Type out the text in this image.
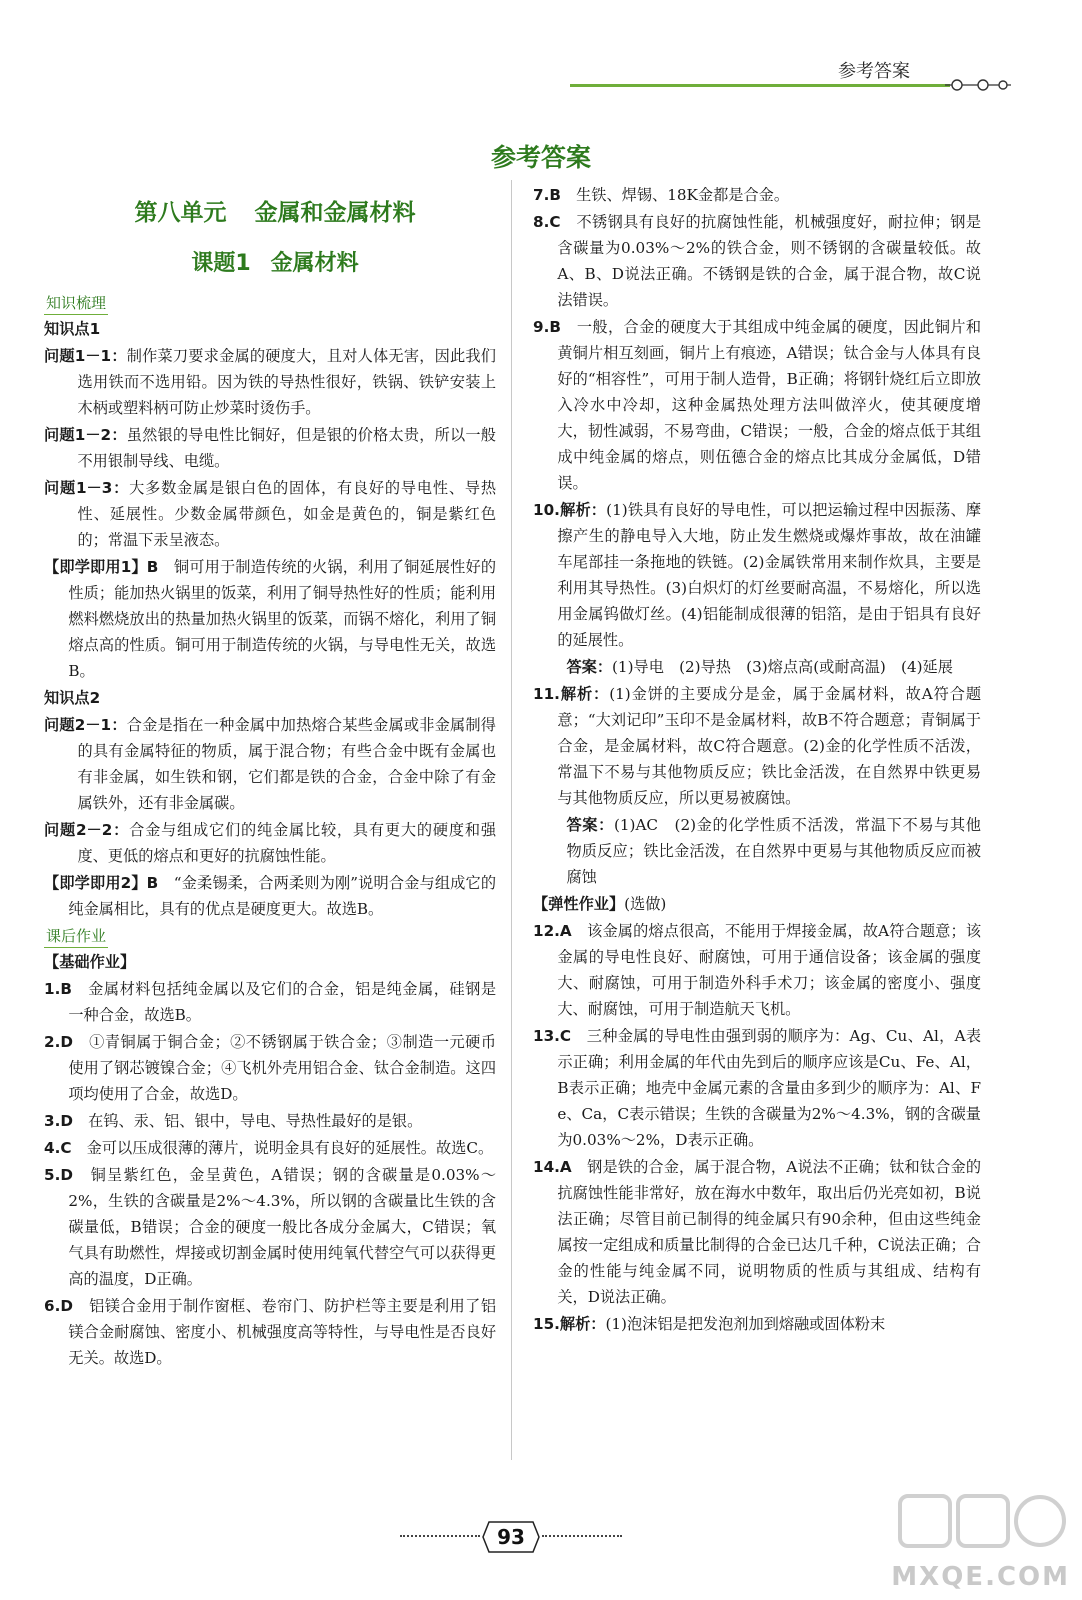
参考答案
参考答案
第八单元 金属和金属材料
课题1 金属材料
知识梳理
知识点1
问题1－1：制作菜刀要求金属的硬度大，且对人体无害，因此我们选用铁而不选用铅。因为铁的导热性很好，铁锅、铁铲安装上木柄或塑料柄可防止炒菜时烫伤手。
问题1－2：虽然银的导电性比铜好，但是银的价格太贵，所以一般不用银制导线、电缆。
问题1－3：大多数金属是银白色的固体，有良好的导电性、导热性、延展性。少数金属带颜色，如金是黄色的，铜是紫红色的；常温下汞呈液态。
【即学即用1】B　 铜可用于制造传统的火锅，利用了铜延展性好的性质；能加热火锅里的饭菜，利用了铜导热性好的性质；能利用燃料燃烧放出的热量加热火锅里的饭菜，而锅不熔化，利用了铜熔点高的性质。铜可用于制造传统的火锅，与导电性无关，故选B。
知识点2
问题2－1：合金是指在一种金属中加热熔合某些金属或非金属制得的具有金属特征的物质，属于混合物；有些合金中既有金属也有非金属，如生铁和钢，它们都是铁的合金，合金中除了有金属铁外，还有非金属碳。
问题2－2：合金与组成它们的纯金属比较，具有更大的硬度和强度、更低的熔点和更好的抗腐蚀性能。
【即学即用2】B　 “金柔锡柔，合两柔则为刚”说明合金与组成它的纯金属相比，具有的优点是硬度更大。故选B。
课后作业
【基础作业】
1.B　 金属材料包括纯金属以及它们的合金，铝是纯金属，硅钢是一种合金，故选B。
2.D　 ①青铜属于铜合金；②不锈钢属于铁合金；③制造一元硬币使用了钢芯镀镍合金；④飞机外壳用铝合金、钛合金制造。这四项均使用了合金，故选D。
3.D　 在钨、汞、铝、银中，导电、导热性最好的是银。
4.C　 金可以压成很薄的薄片，说明金具有良好的延展性。故选C。
5.D　 铜呈紫红色，金呈黄色，A错误；钢的含碳量是0.03%～2%，生铁的含碳量是2%～4.3%，所以钢的含碳量比生铁的含碳量低，B错误；合金的硬度一般比各成分金属大，C错误；氧气具有助燃性，焊接或切割金属时使用纯氧代替空气可以获得更高的温度，D正确。
6.D　 铝镁合金用于制作窗框、卷帘门、防护栏等主要是利用了铝镁合金耐腐蚀、密度小、机械强度高等特性，与导电性是否良好无关。故选D。
7.B　 生铁、焊锡、18K金都是合金。
8.C　 不锈钢具有良好的抗腐蚀性能，机械强度好，耐拉伸；钢是含碳量为0.03%～2%的铁合金，则不锈钢的含碳量较低。故A、B、D说法正确。不锈钢是铁的合金，属于混合物，故C说法错误。
9.B　 一般，合金的硬度大于其组成中纯金属的硬度，因此铜片和黄铜片相互刻画，铜片上有痕迹，A错误；钛合金与人体具有良好的“相容性”，可用于制人造骨，B正确；将钢针烧红后立即放入冷水中冷却，这种金属热处理方法叫做淬火，使其硬度增大，韧性减弱，不易弯曲，C错误；一般，合金的熔点低于其组成中纯金属的熔点，则伍德合金的熔点比其成分金属低，D错误。
10.解析：(1)铁具有良好的导电性，可以把运输过程中因振荡、摩擦产生的静电导入大地，防止发生燃烧或爆炸事故，故在油罐车尾部挂一条拖地的铁链。(2)金属铁常用来制作炊具，主要是利用其导热性。(3)白炽灯的灯丝要耐高温，不易熔化，所以选用金属钨做灯丝。(4)铝能制成很薄的铝箔，是由于铝具有良好的延展性。
答案：(1)导电　(2)导热　(3)熔点高(或耐高温)　(4)延展
11.解析：(1)金饼的主要成分是金，属于金属材料，故A符合题意；“大刘记印”玉印不是金属材料，故B不符合题意；青铜属于合金，是金属材料，故C符合题意。(2)金的化学性质不活泼，常温下不易与其他物质反应；铁比金活泼，在自然界中铁更易与其他物质反应，所以更易被腐蚀。
答案：(1)AC　(2)金的化学性质不活泼，常温下不易与其他物质反应；铁比金活泼，在自然界中更易与其他物质反应而被腐蚀
【弹性作业】(选做)
12.A　 该金属的熔点很高，不能用于焊接金属，故A符合题意；该金属的导电性良好、耐腐蚀，可用于通信设备；该金属的强度大、耐腐蚀，可用于制造外科手术刀；该金属的密度小、强度大、耐腐蚀，可用于制造航天飞机。
13.C　 三种金属的导电性由强到弱的顺序为：Ag、Cu、Al，A表示正确；利用金属的年代由先到后的顺序应该是Cu、Fe、Al，B表示正确；地壳中金属元素的含量由多到少的顺序为：Al、Fe、Ca，C表示错误；生铁的含碳量为2%～4.3%，钢的含碳量为0.03%～2%，D表示正确。
14.A　 钢是铁的合金，属于混合物，A说法不正确；钛和钛合金的抗腐蚀性能非常好，放在海水中数年，取出后仍光亮如初，B说法正确；尽管目前已制得的纯金属只有90余种，但由这些纯金属按一定组成和质量比制得的合金已达几千种，C说法正确；合金的性能与纯金属不同，说明物质的性质与其组成、结构有关，D说法正确。
15.解析：(1)泡沫铝是把发泡剂加到熔融或固体粉末
93
MXQE.COM
